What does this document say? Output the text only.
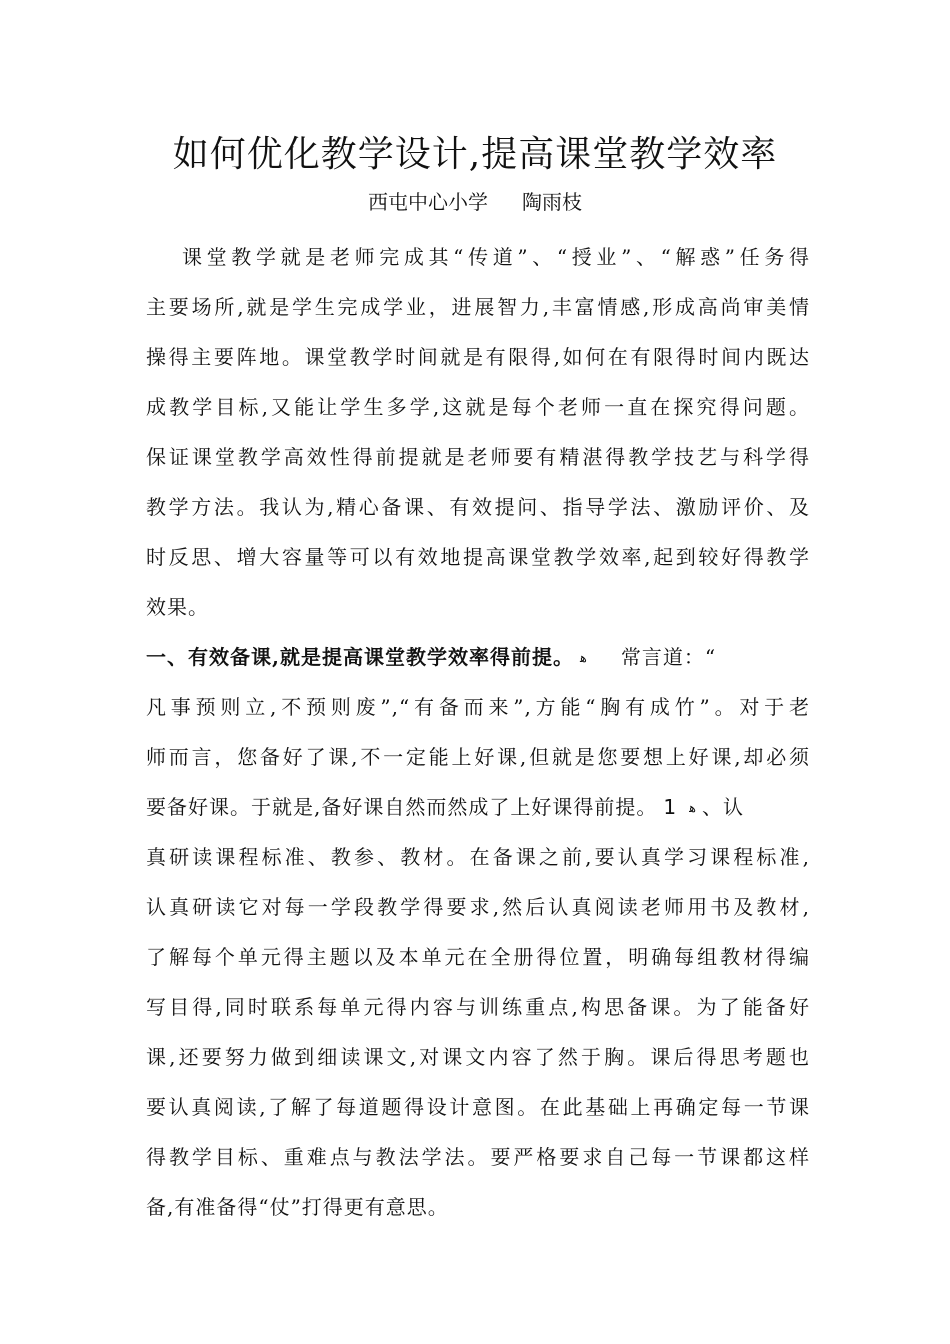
如何优化教学设计,提高课堂教学效率
西屯中心小学 陶雨枝
课堂教学就是老师完成其“传道”、“授业”、“解惑”任务得
主要场所,就是学生完成学业，进展智力,丰富情感,形成高尚审美情
操得主要阵地。课堂教学时间就是有限得,如何在有限得时间内既达
成教学目标,又能让学生多学,这就是每个老师一直在探究得问题。
保证课堂教学高效性得前提就是老师要有精湛得教学技艺与科学得
教学方法。我认为,精心备课、有效提问、指导学法、激励评价、及
时反思、增大容量等可以有效地提高课堂教学效率,起到较好得教学
效果。
一、有效备课,就是提高课堂教学效率得前提。 ﻫ 常言道：“
凡事预则立,不预则废”,“有备而来”,方能“胸有成竹”。对于老
师而言，您备好了课,不一定能上好课,但就是您要想上好课,却必须
要备好课。于就是,备好课自然而然成了上好课得前提。 1 ﻫ 、认
真研读课程标准、教参、教材。在备课之前,要认真学习课程标准,
认真研读它对每一学段教学得要求,然后认真阅读老师用书及教材,
了解每个单元得主题以及本单元在全册得位置，明确每组教材得编
写目得,同时联系每单元得内容与训练重点,构思备课。为了能备好
课,还要努力做到细读课文,对课文内容了然于胸。课后得思考题也
要认真阅读,了解了每道题得设计意图。在此基础上再确定每一节课
得教学目标、重难点与教法学法。要严格要求自己每一节课都这样
备,有准备得“仗”打得更有意思。
